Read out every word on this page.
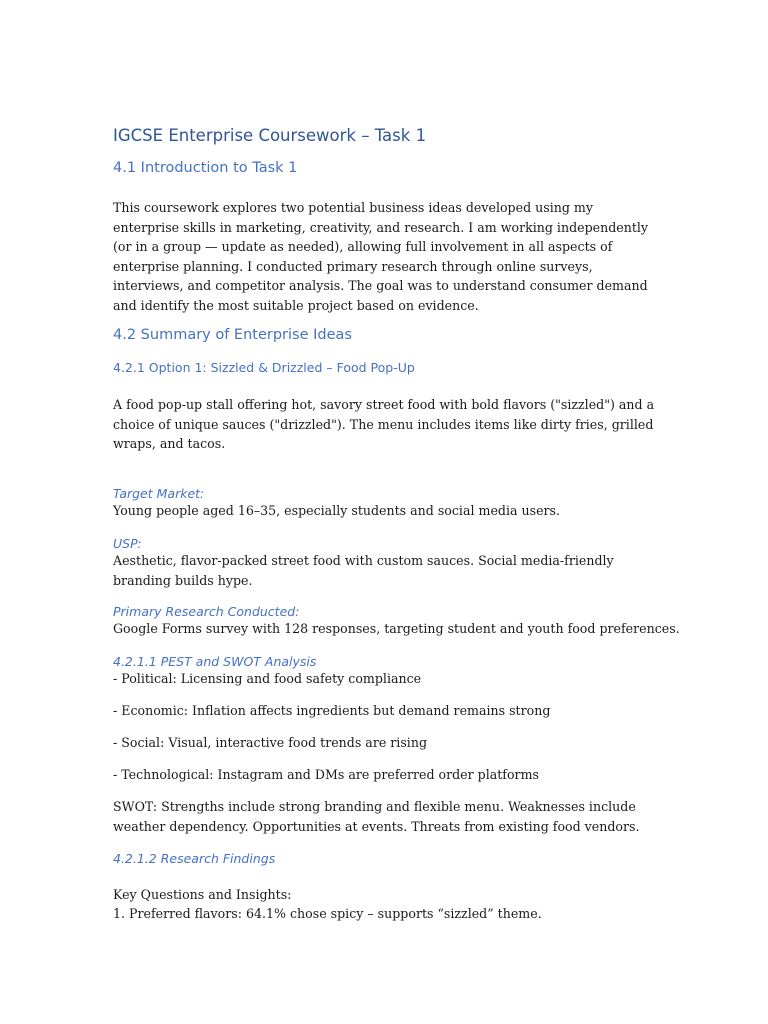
IGCSE Enterprise Coursework – Task 1
4.1 Introduction to Task 1
This coursework explores two potential business ideas developed using my enterprise skills in marketing, creativity, and research. I am working independently (or in a group — update as needed), allowing full involvement in all aspects of enterprise planning. I conducted primary research through online surveys, interviews, and competitor analysis. The goal was to understand consumer demand and identify the most suitable project based on evidence.
4.2 Summary of Enterprise Ideas
4.2.1 Option 1: Sizzled & Drizzled – Food Pop-Up
A food pop-up stall offering hot, savory street food with bold flavors ("sizzled") and a choice of unique sauces ("drizzled"). The menu includes items like dirty fries, grilled wraps, and tacos.
Target Market:
Young people aged 16–35, especially students and social media users.
USP:
Aesthetic, flavor-packed street food with custom sauces. Social media-friendly branding builds hype.
Primary Research Conducted:
Google Forms survey with 128 responses, targeting student and youth food preferences.
4.2.1.1 PEST and SWOT Analysis
- Political: Licensing and food safety compliance
- Economic: Inflation affects ingredients but demand remains strong
- Social: Visual, interactive food trends are rising
- Technological: Instagram and DMs are preferred order platforms
SWOT: Strengths include strong branding and flexible menu. Weaknesses include weather dependency. Opportunities at events. Threats from existing food vendors.
4.2.1.2 Research Findings
Key Questions and Insights:
1. Preferred flavors: 64.1% chose spicy – supports “sizzled” theme.
